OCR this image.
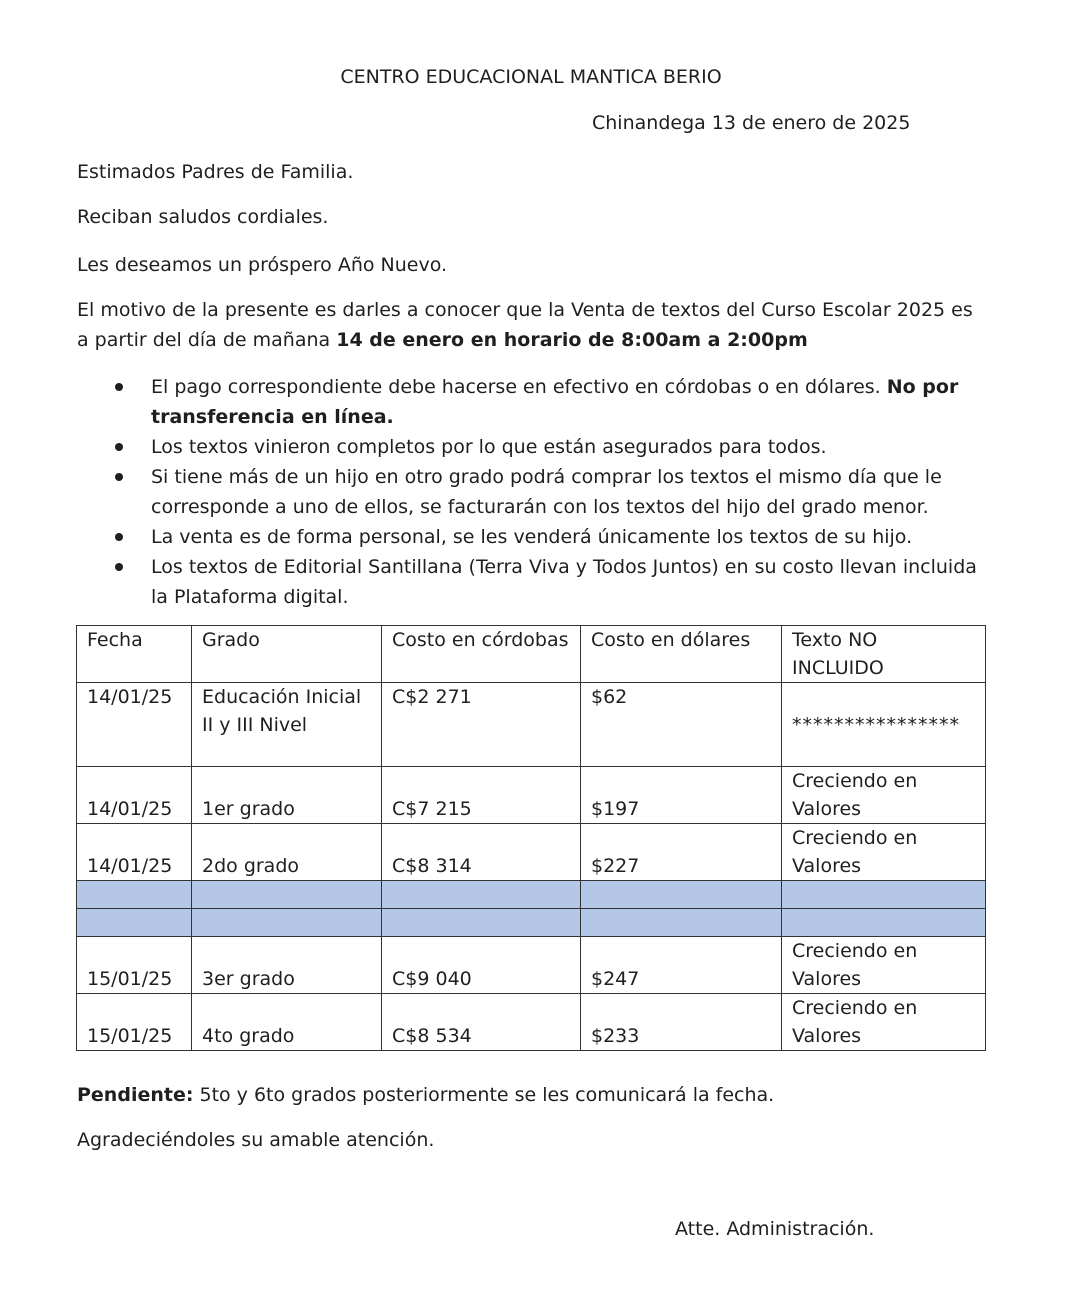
CENTRO EDUCACIONAL MANTICA BERIO
Chinandega 13 de enero de 2025
Estimados Padres de Familia.
Reciban saludos cordiales.
Les deseamos un próspero Año Nuevo.
El motivo de la presente es darles a conocer que la Venta de textos del Curso Escolar 2025 es a partir del día de mañana 14 de enero en horario de 8:00am a 2:00pm
El pago correspondiente debe hacerse en efectivo en córdobas o en dólares. No por transferencia en línea.
Los textos vinieron completos por lo que están asegurados para todos.
Si tiene más de un hijo en otro grado podrá comprar los textos el mismo día que le corresponde a uno de ellos, se facturarán con los textos del hijo del grado menor.
La venta es de forma personal, se les venderá únicamente los textos de su hijo.
Los textos de Editorial Santillana (Terra Viva y Todos Juntos) en su costo llevan incluida la Plataforma digital.
Fecha	Grado	Costo en córdobas	Costo en dólares	Texto NO INCLUIDO
14/01/25	Educación Inicial II y III Nivel	C$2 271	$62	****************

14/01/25	1er grado	C$7 215	$197	Creciendo en Valores
14/01/25	2do grado	C$8 314	$227	Creciendo en Valores

15/01/25	3er grado	C$9 040	$247	Creciendo en Valores
15/01/25	4to grado	C$8 534	$233	Creciendo en Valores
Pendiente: 5to y 6to grados posteriormente se les comunicará la fecha.
Agradeciéndoles su amable atención.
Atte. Administración.
